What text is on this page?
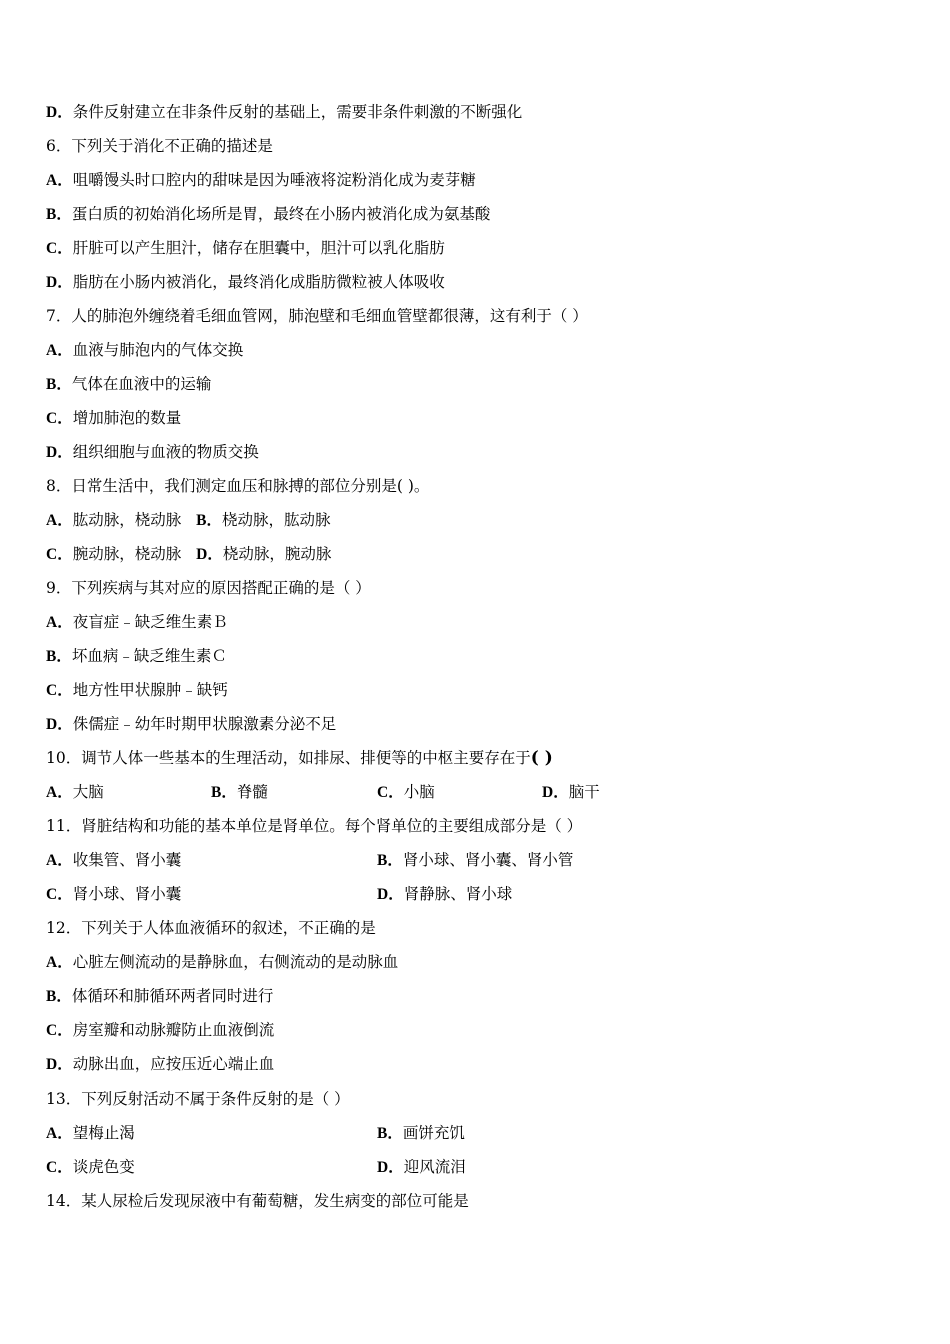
D．条件反射建立在非条件反射的基础上，需要非条件刺激的不断强化
6．下列关于消化不正确的描述是
A．咀嚼馒头时口腔内的甜味是因为唾液将淀粉消化成为麦芽糖
B．蛋白质的初始消化场所是胃，最终在小肠内被消化成为氨基酸
C．肝脏可以产生胆汁，储存在胆囊中，胆汁可以乳化脂肪
D．脂肪在小肠内被消化，最终消化成脂肪微粒被人体吸收
7．人的肺泡外缠绕着毛细血管网，肺泡壁和毛细血管壁都很薄，这有利于（ ）
A．血液与肺泡内的气体交换
B．气体在血液中的运输
C．增加肺泡的数量
D．组织细胞与血液的物质交换
8．日常生活中，我们测定血压和脉搏的部位分别是( )。
A．肱动脉，桡动脉 B．桡动脉，肱动脉
C．腕动脉，桡动脉 D．桡动脉，腕动脉
9．下列疾病与其对应的原因搭配正确的是（ ）
A．夜盲症﹣缺乏维生素Ｂ
B．坏血病﹣缺乏维生素Ｃ
C．地方性甲状腺肿﹣缺钙
D．侏儒症﹣幼年时期甲状腺激素分泌不足
10．调节人体一些基本的生理活动，如排尿、排便等的中枢主要存在于( )
A．大脑	B．脊髓	C．小脑	D．脑干
11．肾脏结构和功能的基本单位是肾单位。每个肾单位的主要组成部分是（ ）
A．收集管、肾小囊	B．肾小球、肾小囊、肾小管
C．肾小球、肾小囊	D．肾静脉、肾小球
12．下列关于人体血液循环的叙述，不正确的是
A．心脏左侧流动的是静脉血，右侧流动的是动脉血
B．体循环和肺循环两者同时进行
C．房室瓣和动脉瓣防止血液倒流
D．动脉出血，应按压近心端止血
13．下列反射活动不属于条件反射的是（ ）
A．望梅止渴	B．画饼充饥
C．谈虎色变	D．迎风流泪
14．某人尿检后发现尿液中有葡萄糖，发生病变的部位可能是
